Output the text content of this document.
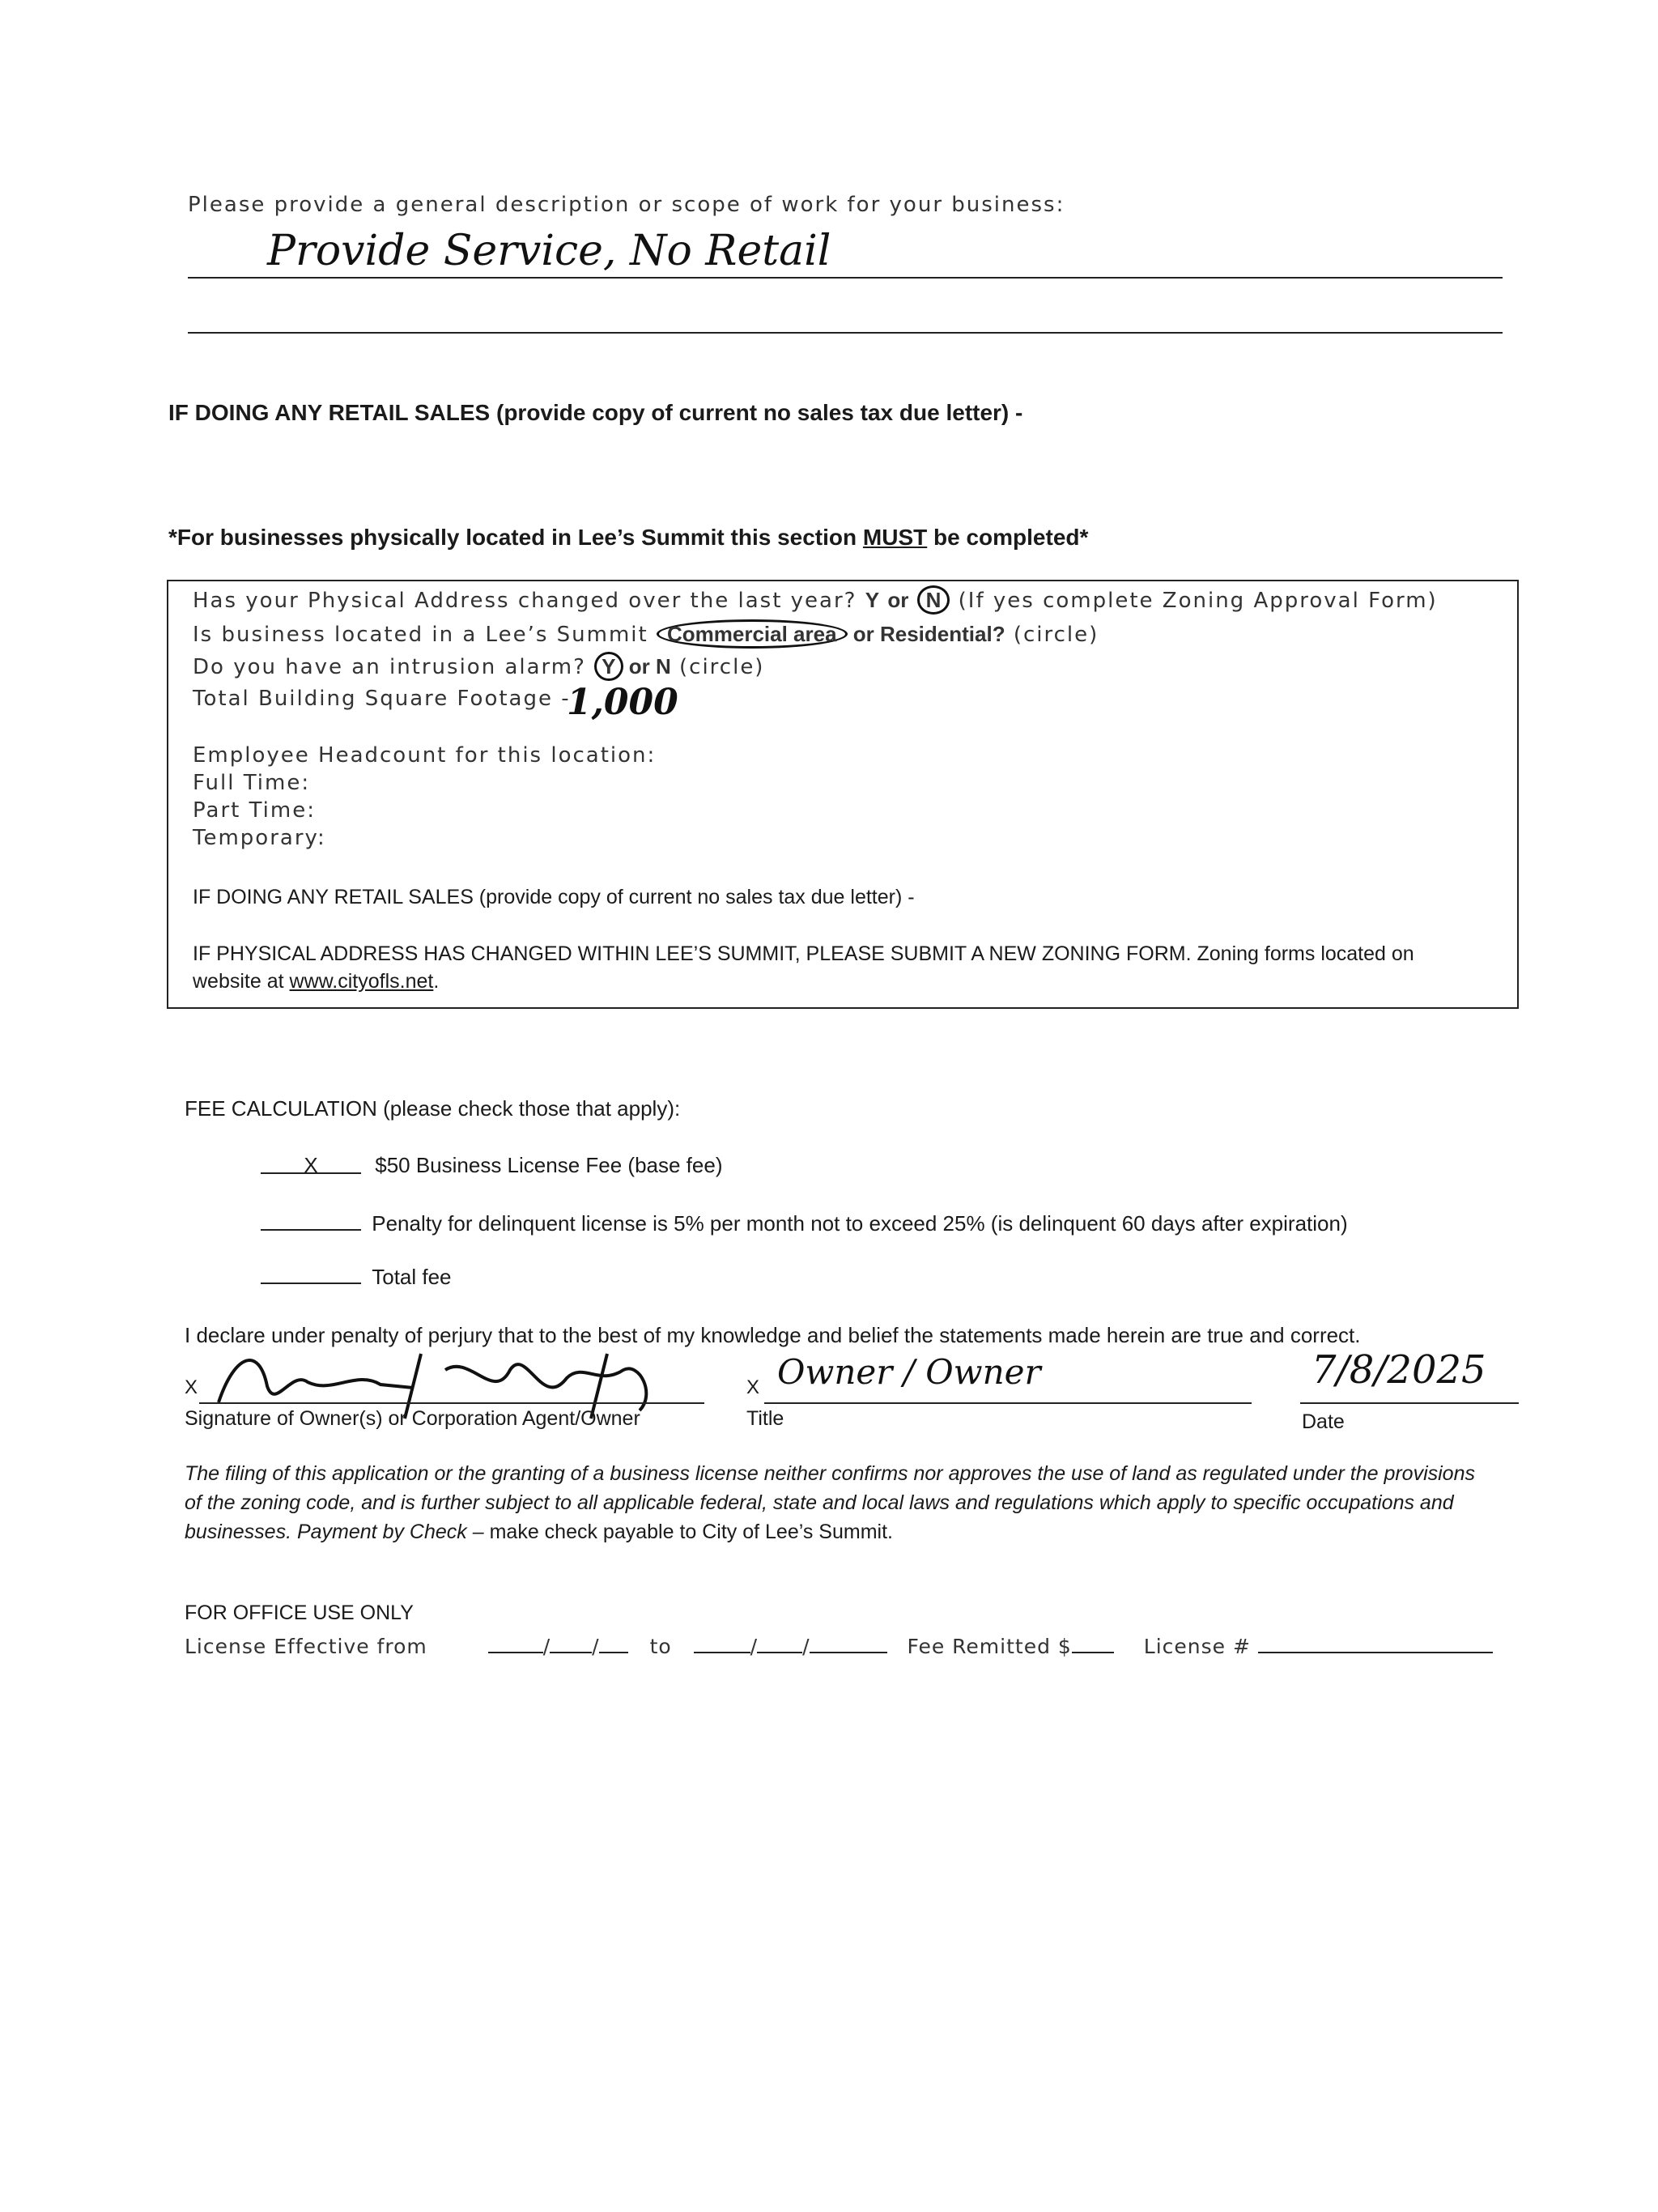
Please provide a general description or scope of work for your business:
Provide Service, No Retail
IF DOING ANY RETAIL SALES (provide copy of current no sales tax due letter) -
*For businesses physically located in Lee’s Summit this section MUST be completed*
Has your Physical Address changed over the last year? Y or N (If yes complete Zoning Approval Form)
Is business located in a Lee’s Summit Commercial area or Residential? (circle)
Do you have an intrusion alarm? Y or N (circle)
Total Building Square Footage -
1,000
Employee Headcount for this location:
Full Time:
Part Time:
Temporary:
IF DOING ANY RETAIL SALES (provide copy of current no sales tax due letter) -
IF PHYSICAL ADDRESS HAS CHANGED WITHIN LEE’S SUMMIT, PLEASE SUBMIT A NEW ZONING FORM. Zoning forms located on
website at www.cityofls.net.
FEE CALCULATION (please check those that apply):
X	$50 Business License Fee (base fee)
Penalty for delinquent license is 5% per month not to exceed 25% (is delinquent 60 days after expiration)
Total fee
I declare under penalty of perjury that to the best of my knowledge and belief the statements made herein are true and correct.
X
Signature of Owner(s) or Corporation Agent/Owner
X Owner / Owner
Title
7/8/2025
Date
The filing of this application or the granting of a business license neither confirms nor approves the use of land as regulated under the provisions of the zoning code, and is further subject to all applicable federal, state and local laws and regulations which apply to specific occupations and businesses. Payment by Check – make check payable to City of Lee’s Summit.
FOR OFFICE USE ONLY
License Effective from	/ /	to	/ /	Fee Remitted $	License #
